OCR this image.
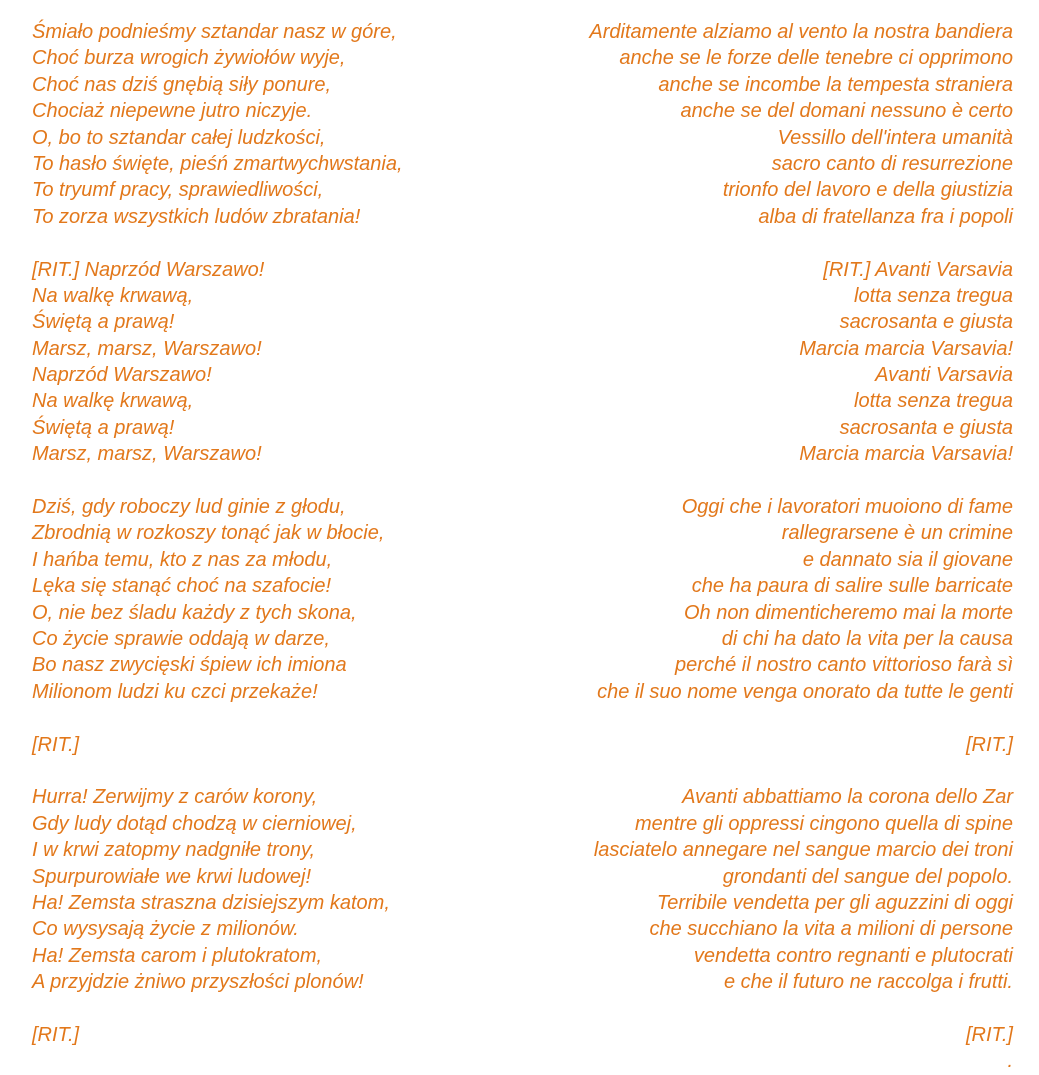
Śmiało podnieśmy sztandar nasz w góre,
Choć burza wrogich żywiołów wyje,
Choć nas dziś gnębią siły ponure,
Chociaż niepewne jutro niczyje.
O, bo to sztandar całej ludzkości,
To hasło święte, pieśń zmartwychwstania,
To tryumf pracy, sprawiedliwości,
To zorza wszystkich ludów zbratania!
[RIT.] Naprzód Warszawo!
Na walkę krwawą,
Świętą a prawą!
Marsz, marsz, Warszawo!
Naprzód Warszawo!
Na walkę krwawą,
Świętą a prawą!
Marsz, marsz, Warszawo!
Dziś, gdy roboczy lud ginie z głodu,
Zbrodnią w rozkoszy tonąć jak w błocie,
I hańba temu, kto z nas za młodu,
Lęka się stanąć choć na szafocie!
O, nie bez śladu każdy z tych skona,
Co życie sprawie oddają w darze,
Bo nasz zwycięski śpiew ich imiona
Milionom ludzi ku czci przekaże!
[RIT.]
Hurra! Zerwijmy z carów korony,
Gdy ludy dotąd chodzą w cierniowej,
I w krwi zatopmy nadgniłe trony,
Spurpurowiałe we krwi ludowej!
Ha! Zemsta straszna dzisiejszym katom,
Co wysysają życie z milionów.
Ha! Zemsta carom i plutokratom,
A przyjdzie żniwo przyszłości plonów!
[RIT.]
Arditamente alziamo al vento la nostra bandiera
anche se le forze delle tenebre ci opprimono
anche se incombe la tempesta straniera
anche se del domani nessuno è certo
Vessillo dell'intera umanità
sacro canto di resurrezione
trionfo del lavoro e della giustizia
alba di fratellanza fra i popoli
[RIT.] Avanti Varsavia
lotta senza tregua
sacrosanta e giusta
Marcia marcia Varsavia!
Avanti Varsavia
lotta senza tregua
sacrosanta e giusta
Marcia marcia Varsavia!
Oggi che i lavoratori muoiono di fame
rallegrarsene è un crimine
e dannato sia il giovane
che ha paura di salire sulle barricate
Oh non dimenticheremo mai la morte
di chi ha dato la vita per la causa
perché il nostro canto vittorioso farà sì
che il suo nome venga onorato da tutte le genti
[RIT.]
Avanti abbattiamo la corona dello Zar
mentre gli oppressi cingono quella di spine
lasciatelo annegare nel sangue marcio dei troni
grondanti del sangue del popolo.
Terribile vendetta per gli aguzzini di oggi
che succhiano la vita a milioni di persone
vendetta contro regnanti e plutocrati
e che il futuro ne raccolga i frutti.
[RIT.]
.
